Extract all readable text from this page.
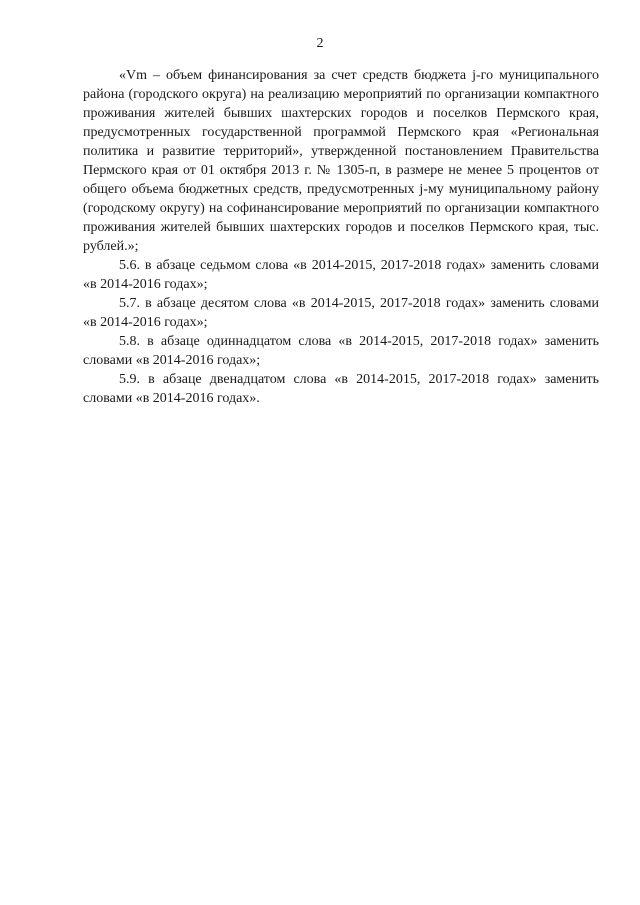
2

«Vm – объем финансирования за счет средств бюджета j-го муниципального района (городского округа) на реализацию мероприятий по организации компактного проживания жителей бывших шахтерских городов и поселков Пермского края, предусмотренных государственной программой Пермского края «Региональная политика и развитие территорий», утвержденной постановлением Правительства Пермского края от 01 октября 2013 г. № 1305-п, в размере не менее 5 процентов от общего объема бюджетных средств, предусмотренных j-му муниципальному району (городскому округу) на софинансирование мероприятий по организации компактного проживания жителей бывших шахтерских городов и поселков Пермского края, тыс. рублей.»;

5.6. в абзаце седьмом слова «в 2014-2015, 2017-2018 годах» заменить словами «в 2014-2016 годах»;

5.7. в абзаце десятом слова «в 2014-2015, 2017-2018 годах» заменить словами «в 2014-2016 годах»;

5.8. в абзаце одиннадцатом слова «в 2014-2015, 2017-2018 годах» заменить словами «в 2014-2016 годах»;

5.9. в абзаце двенадцатом слова «в 2014-2015, 2017-2018 годах» заменить словами «в 2014-2016 годах».
